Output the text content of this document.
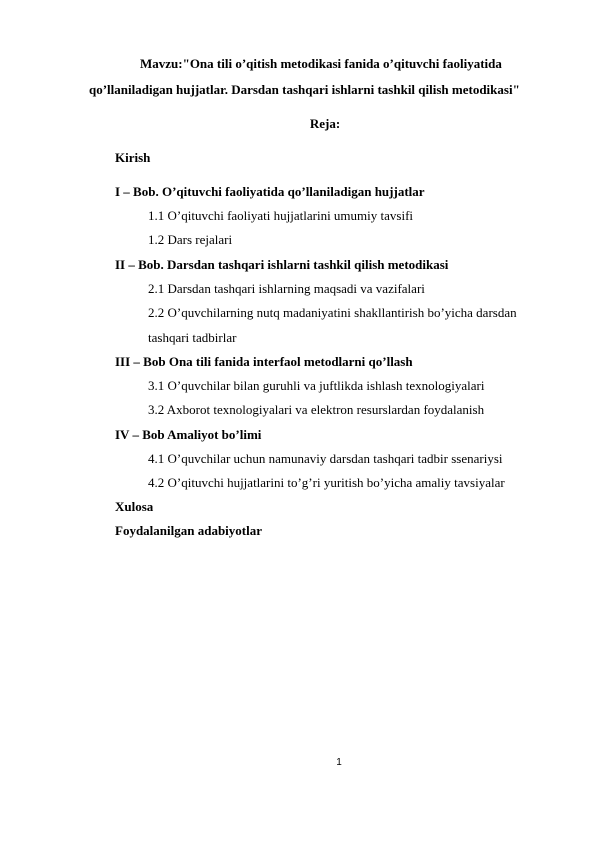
Mavzu:"Ona tili o’qitish metodikasi fanida o’qituvchi faoliyatida
qo’llaniladigan hujjatlar. Darsdan tashqari ishlarni tashkil qilish metodikasi"
Reja:
Kirish
I – Bob. O’qituvchi faoliyatida qo’llaniladigan hujjatlar
1.1 O’qituvchi faoliyati hujjatlarini umumiy tavsifi
1.2 Dars rejalari
II – Bob. Darsdan tashqari ishlarni tashkil qilish metodikasi
2.1 Darsdan tashqari ishlarning maqsadi va vazifalari
2.2 O’quvchilarning nutq madaniyatini shakllantirish bo’yicha darsdan
tashqari tadbirlar
III – Bob Ona tili fanida interfaol metodlarni qo’llash
3.1 O’quvchilar bilan guruhli va juftlikda ishlash texnologiyalari
3.2 Axborot texnologiyalari va elektron resurslardan foydalanish
IV – Bob Amaliyot bo’limi
4.1 O’quvchilar uchun namunaviy darsdan tashqari tadbir ssenariysi
4.2 O’qituvchi hujjatlarini to’g’ri yuritish bo’yicha amaliy tavsiyalar
Xulosa
Foydalanilgan adabiyotlar
1
